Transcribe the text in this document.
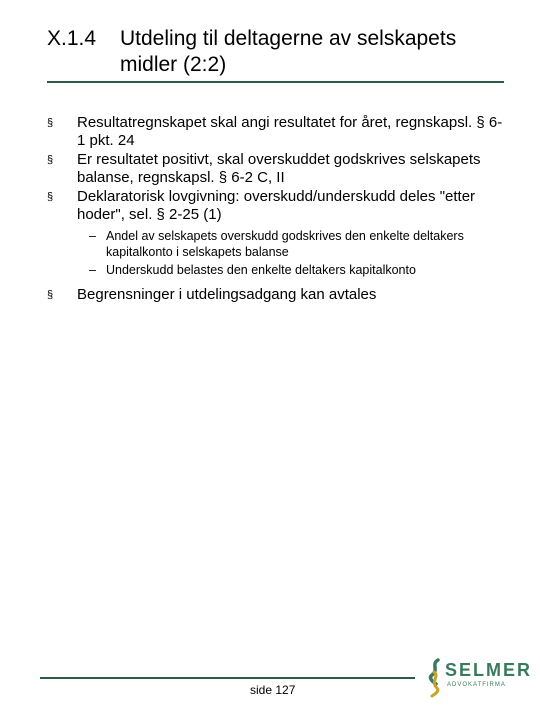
X.1.4 Utdeling til deltagerne av selskapets midler (2:2)
§ Resultatregnskapet skal angi resultatet for året, regnskapsl. § 6-1 pkt. 24
§ Er resultatet positivt, skal overskuddet godskrives selskapets balanse, regnskapsl. § 6-2 C, II
§ Deklaratorisk lovgivning: overskudd/underskudd deles "etter hoder", sel. § 2-25 (1)
– Andel av selskapets overskudd godskrives den enkelte deltakers kapitalkonto i selskapets balanse
– Underskudd belastes den enkelte deltakers kapitalkonto
§ Begrensninger i utdelingsadgang kan avtales
side 127
SELMER
ADVOKATFIRMA
